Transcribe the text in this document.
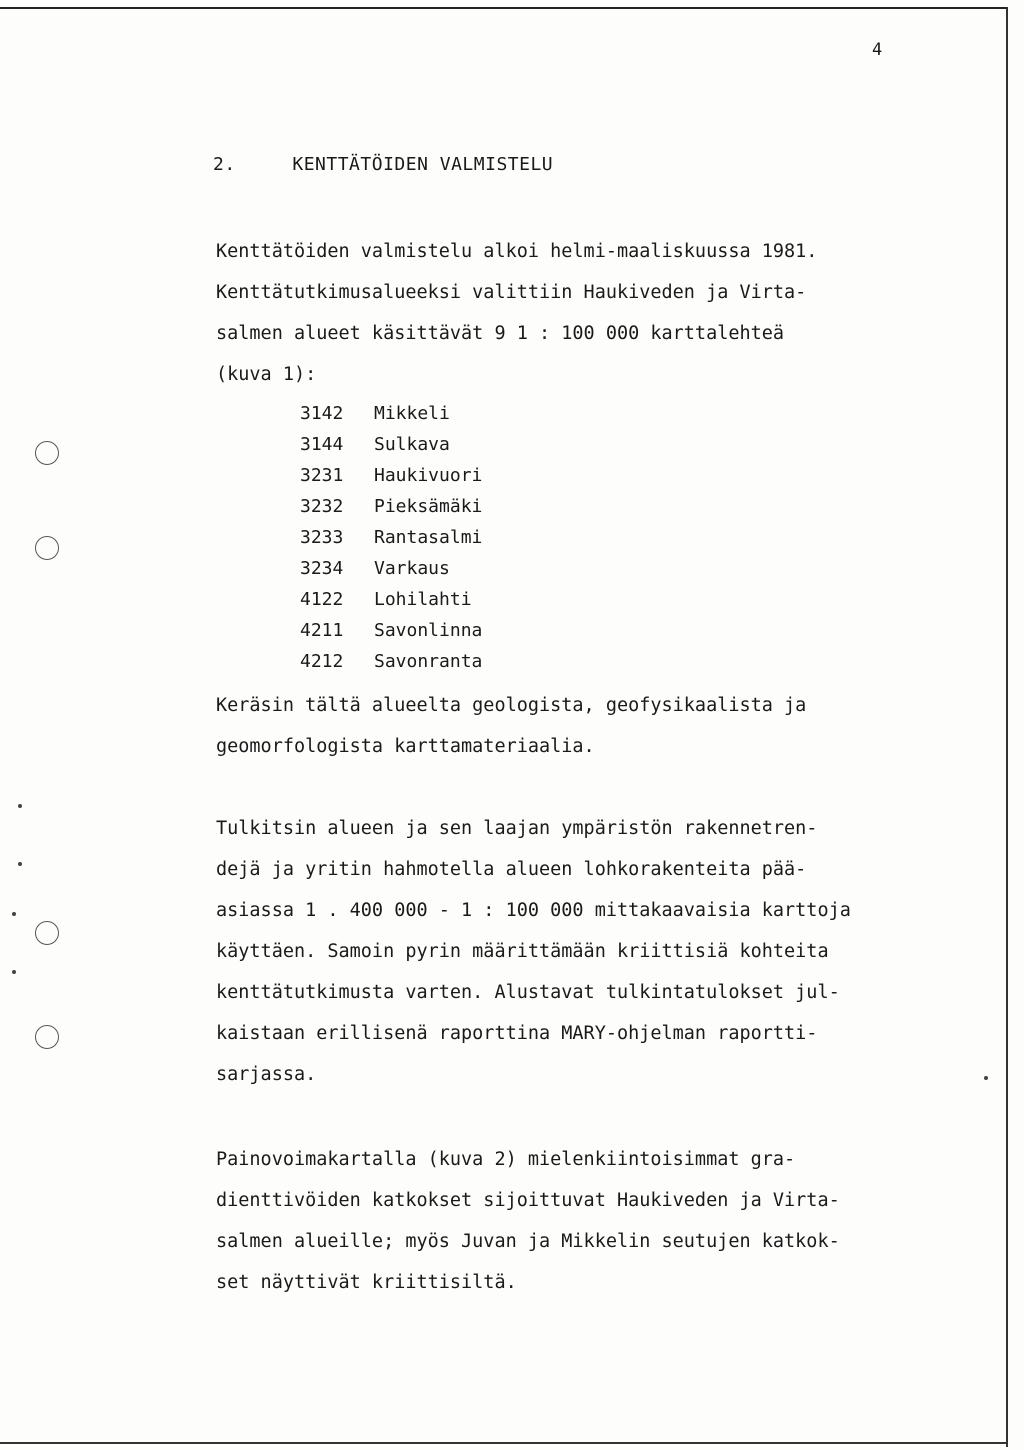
4
2.	KENTTÄTÖIDEN VALMISTELU
Kenttätöiden valmistelu alkoi helmi-maaliskuussa 1981.
Kenttätutkimusalueeksi valittiin Haukiveden ja Virta-
salmen alueet käsittävät 9 1 : 100 000 karttalehteä
(kuva 1):
3142	Mikkeli
3144	Sulkava
3231	Haukivuori
3232	Pieksämäki
3233	Rantasalmi
3234	Varkaus
4122	Lohilahti
4211	Savonlinna
4212	Savonranta
Keräsin tältä alueelta geologista, geofysikaalista ja
geomorfologista karttamateriaalia.
Tulkitsin alueen ja sen laajan ympäristön rakennetren-
dejä ja yritin hahmotella alueen lohkorakenteita pää-
asiassa 1 . 400 000 - 1 : 100 000 mittakaavaisia karttoja
käyttäen. Samoin pyrin määrittämään kriittisiä kohteita
kenttätutkimusta varten. Alustavat tulkintatulokset jul-
kaistaan erillisenä raporttina MARY-ohjelman raportti-
sarjassa.
Painovoimakartalla (kuva 2) mielenkiintoisimmat gra-
dienttivöiden katkokset sijoittuvat Haukiveden ja Virta-
salmen alueille; myös Juvan ja Mikkelin seutujen katkok-
set näyttivät kriittisiltä.
